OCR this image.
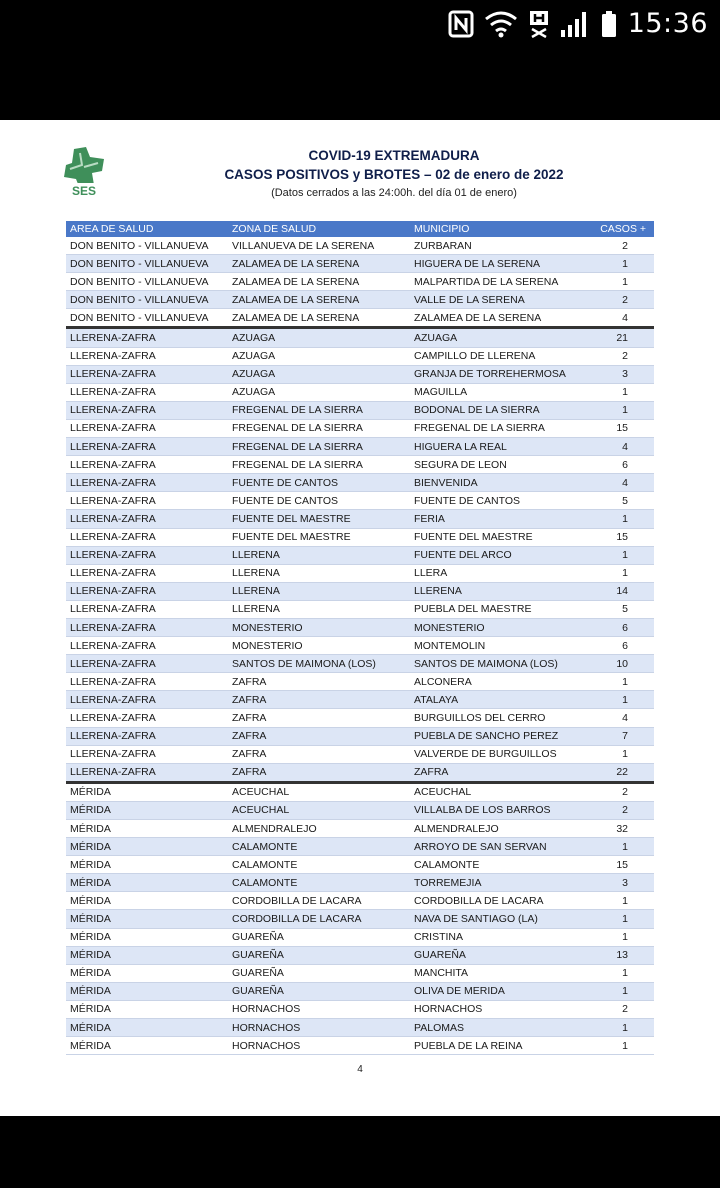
15:36
SES
COVID-19 EXTREMADURA
CASOS POSITIVOS y BROTES – 02 de enero de 2022
(Datos cerrados a las 24:00h. del día 01 de enero)
AREA DE SALUD	ZONA DE SALUD	MUNICIPIO	CASOS +
DON BENITO - VILLANUEVA	VILLANUEVA DE LA SERENA	ZURBARAN	2
DON BENITO - VILLANUEVA	ZALAMEA DE LA SERENA	HIGUERA DE LA SERENA	1
DON BENITO - VILLANUEVA	ZALAMEA DE LA SERENA	MALPARTIDA DE LA SERENA	1
DON BENITO - VILLANUEVA	ZALAMEA DE LA SERENA	VALLE DE LA SERENA	2
DON BENITO - VILLANUEVA	ZALAMEA DE LA SERENA	ZALAMEA DE LA SERENA	4
LLERENA-ZAFRA	AZUAGA	AZUAGA	21
LLERENA-ZAFRA	AZUAGA	CAMPILLO DE LLERENA	2
LLERENA-ZAFRA	AZUAGA	GRANJA DE TORREHERMOSA	3
LLERENA-ZAFRA	AZUAGA	MAGUILLA	1
LLERENA-ZAFRA	FREGENAL DE LA SIERRA	BODONAL DE LA SIERRA	1
LLERENA-ZAFRA	FREGENAL DE LA SIERRA	FREGENAL DE LA SIERRA	15
LLERENA-ZAFRA	FREGENAL DE LA SIERRA	HIGUERA LA REAL	4
LLERENA-ZAFRA	FREGENAL DE LA SIERRA	SEGURA DE LEON	6
LLERENA-ZAFRA	FUENTE DE CANTOS	BIENVENIDA	4
LLERENA-ZAFRA	FUENTE DE CANTOS	FUENTE DE CANTOS	5
LLERENA-ZAFRA	FUENTE DEL MAESTRE	FERIA	1
LLERENA-ZAFRA	FUENTE DEL MAESTRE	FUENTE DEL MAESTRE	15
LLERENA-ZAFRA	LLERENA	FUENTE DEL ARCO	1
LLERENA-ZAFRA	LLERENA	LLERA	1
LLERENA-ZAFRA	LLERENA	LLERENA	14
LLERENA-ZAFRA	LLERENA	PUEBLA DEL MAESTRE	5
LLERENA-ZAFRA	MONESTERIO	MONESTERIO	6
LLERENA-ZAFRA	MONESTERIO	MONTEMOLIN	6
LLERENA-ZAFRA	SANTOS DE MAIMONA (LOS)	SANTOS DE MAIMONA (LOS)	10
LLERENA-ZAFRA	ZAFRA	ALCONERA	1
LLERENA-ZAFRA	ZAFRA	ATALAYA	1
LLERENA-ZAFRA	ZAFRA	BURGUILLOS DEL CERRO	4
LLERENA-ZAFRA	ZAFRA	PUEBLA DE SANCHO PEREZ	7
LLERENA-ZAFRA	ZAFRA	VALVERDE DE BURGUILLOS	1
LLERENA-ZAFRA	ZAFRA	ZAFRA	22
MÉRIDA	ACEUCHAL	ACEUCHAL	2
MÉRIDA	ACEUCHAL	VILLALBA DE LOS BARROS	2
MÉRIDA	ALMENDRALEJO	ALMENDRALEJO	32
MÉRIDA	CALAMONTE	ARROYO DE SAN SERVAN	1
MÉRIDA	CALAMONTE	CALAMONTE	15
MÉRIDA	CALAMONTE	TORREMEJIA	3
MÉRIDA	CORDOBILLA DE LACARA	CORDOBILLA DE LACARA	1
MÉRIDA	CORDOBILLA DE LACARA	NAVA DE SANTIAGO (LA)	1
MÉRIDA	GUAREÑA	CRISTINA	1
MÉRIDA	GUAREÑA	GUAREÑA	13
MÉRIDA	GUAREÑA	MANCHITA	1
MÉRIDA	GUAREÑA	OLIVA DE MERIDA	1
MÉRIDA	HORNACHOS	HORNACHOS	2
MÉRIDA	HORNACHOS	PALOMAS	1
MÉRIDA	HORNACHOS	PUEBLA DE LA REINA	1
4
